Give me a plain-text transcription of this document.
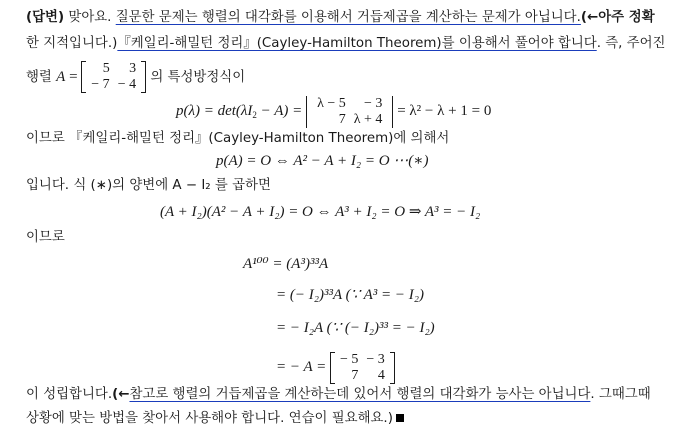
(답변) 맞아요. 질문한 문제는 행렬의 대각화를 이용해서 거듭제곱을 계산하는 문제가 아닙니다.(←아주 정확
한 지적입니다.)『케일리-해밀턴 정리』(Cayley-Hamilton Theorem)를 이용해서 풀어야 합니다. 즉, 주어진
행렬 A =
5	3
− 7	− 4 의 특성방정식이
$p(\lambda) = \det(\lambda I_2 - A) = \lambda - 5$	− 3
7	λ + 4
= λ² − λ + 1 = 0
이므로 『케일리-해밀턴 정리』(Cayley-Hamilton Theorem)에 의해서
p(A) = O ⇔ A² − A + I₂ = O ⋯(∗)
입니다. 식 (∗)의 양변에 A − I₂ 를 곱하면
(A + I₂)(A² − A + I₂) = O ⇔ A³ + I₂ = O ⇒ A³ = − I₂
이므로
A¹⁰⁰ = (A³)³³A
= (− I₂)³³A (∵ A³ = − I₂)
= − I₂A (∵ (− I₂)³³ = − I₂)
= − A = − 5	− 3
7	4
이 성립합니다.(←참고로 행렬의 거듭제곱을 계산하는데 있어서 행렬의 대각화가 능사는 아닙니다. 그때그때
상황에 맞는 방법을 찾아서 사용해야 합니다. 연습이 필요해요.)
